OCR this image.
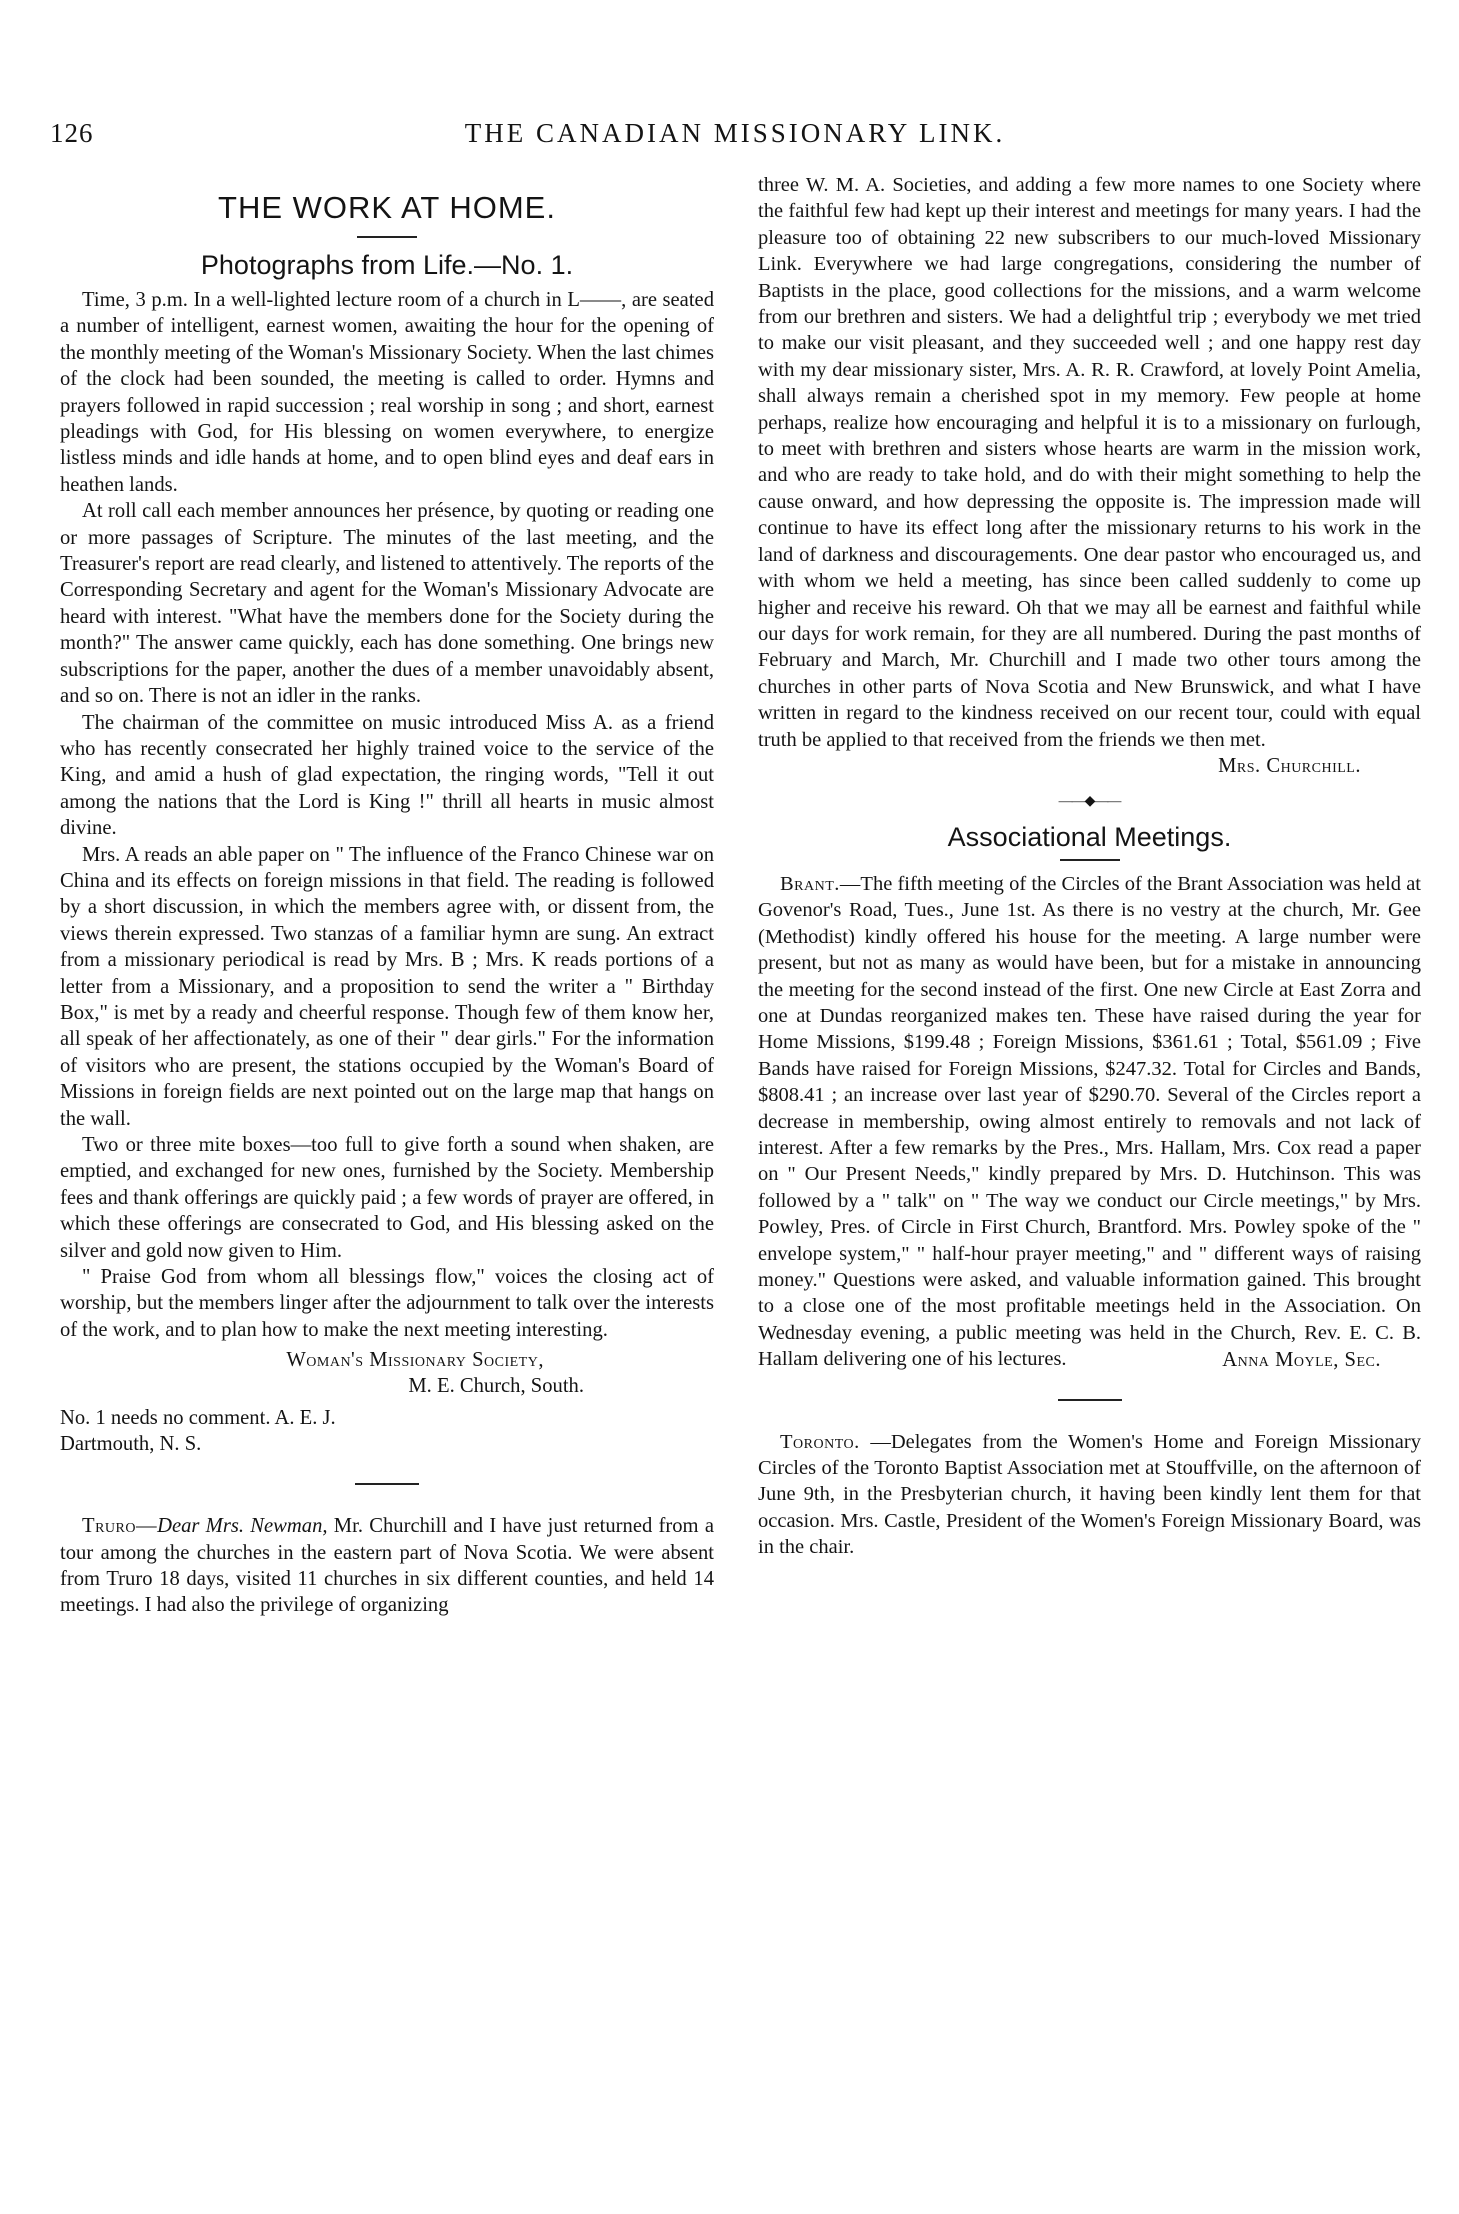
126	THE CANADIAN MISSIONARY LINK.
THE WORK AT HOME.
Photographs from Life.—No. 1.

Time, 3 p.m. In a well-lighted lecture room of a church in L——, are seated a number of intelligent, earnest women, awaiting the hour for the opening of the monthly meeting of the Woman's Missionary Society. When the last chimes of the clock had been sounded, the meeting is called to order. Hymns and prayers followed in rapid succession ; real worship in song ; and short, earnest pleadings with God, for His blessing on women everywhere, to energize listless minds and idle hands at home, and to open blind eyes and deaf ears in heathen lands.

At roll call each member announces her présence, by quoting or reading one or more passages of Scripture. The minutes of the last meeting, and the Treasurer's report are read clearly, and listened to attentively. The reports of the Corresponding Secretary and agent for the Woman's Missionary Advocate are heard with interest. "What have the members done for the Society during the month?" The answer came quickly, each has done something. One brings new subscriptions for the paper, another the dues of a member unavoidably absent, and so on. There is not an idler in the ranks.

The chairman of the committee on music introduced Miss A. as a friend who has recently consecrated her highly trained voice to the service of the King, and amid a hush of glad expectation, the ringing words, "Tell it out among the nations that the Lord is King !" thrill all hearts in music almost divine.

Mrs. A reads an able paper on " The influence of the Franco Chinese war on China and its effects on foreign missions in that field. The reading is followed by a short discussion, in which the members agree with, or dissent from, the views therein expressed. Two stanzas of a familiar hymn are sung. An extract from a missionary periodical is read by Mrs. B ; Mrs. K reads portions of a letter from a Missionary, and a proposition to send the writer a " Birthday Box," is met by a ready and cheerful response. Though few of them know her, all speak of her affectionately, as one of their " dear girls." For the information of visitors who are present, the stations occupied by the Woman's Board of Missions in foreign fields are next pointed out on the large map that hangs on the wall.

Two or three mite boxes—too full to give forth a sound when shaken, are emptied, and exchanged for new ones, furnished by the Society. Membership fees and thank offerings are quickly paid ; a few words of prayer are offered, in which these offerings are consecrated to God, and His blessing asked on the silver and gold now given to Him.

" Praise God from whom all blessings flow," voices the closing act of worship, but the members linger after the adjournment to talk over the interests of the work, and to plan how to make the next meeting interesting.

Woman's Missionary Society,
M. E. Church, South.
No. 1 needs no comment. A. E. J.
Dartmouth, N. S.

Truro—Dear Mrs. Newman, Mr. Churchill and I have just returned from a tour among the churches in the eastern part of Nova Scotia. We were absent from Truro 18 days, visited 11 churches in six different counties, and held 14 meetings. I had also the privilege of organizing

three W. M. A. Societies, and adding a few more names to one Society where the faithful few had kept up their interest and meetings for many years. I had the pleasure too of obtaining 22 new subscribers to our much-loved Missionary Link. Everywhere we had large congregations, considering the number of Baptists in the place, good collections for the missions, and a warm welcome from our brethren and sisters. We had a delightful trip ; everybody we met tried to make our visit pleasant, and they succeeded well ; and one happy rest day with my dear missionary sister, Mrs. A. R. R. Crawford, at lovely Point Amelia, shall always remain a cherished spot in my memory. Few people at home perhaps, realize how encouraging and helpful it is to a missionary on furlough, to meet with brethren and sisters whose hearts are warm in the mission work, and who are ready to take hold, and do with their might something to help the cause onward, and how depressing the opposite is. The impression made will continue to have its effect long after the missionary returns to his work in the land of darkness and discouragements. One dear pastor who encouraged us, and with whom we held a meeting, has since been called suddenly to come up higher and receive his reward. Oh that we may all be earnest and faithful while our days for work remain, for they are all numbered. During the past months of February and March, Mr. Churchill and I made two other tours among the churches in other parts of Nova Scotia and New Brunswick, and what I have written in regard to the kindness received on our recent tour, could with equal truth be applied to that received from the friends we then met.

Mrs. Churchill.
——◆——
Associational Meetings.

Brant.—The fifth meeting of the Circles of the Brant Association was held at Govenor's Road, Tues., June 1st. As there is no vestry at the church, Mr. Gee (Methodist) kindly offered his house for the meeting. A large number were present, but not as many as would have been, but for a mistake in announcing the meeting for the second instead of the first. One new Circle at East Zorra and one at Dundas reorganized makes ten. These have raised during the year for Home Missions, $199.48 ; Foreign Missions, $361.61 ; Total, $561.09 ; Five Bands have raised for Foreign Missions, $247.32. Total for Circles and Bands, $808.41 ; an increase over last year of $290.70. Several of the Circles report a decrease in membership, owing almost entirely to removals and not lack of interest. After a few remarks by the Pres., Mrs. Hallam, Mrs. Cox read a paper on " Our Present Needs," kindly prepared by Mrs. D. Hutchinson. This was followed by a " talk" on " The way we conduct our Circle meetings," by Mrs. Powley, Pres. of Circle in First Church, Brantford. Mrs. Powley spoke of the " envelope system," " half-hour prayer meeting," and " different ways of raising money." Questions were asked, and valuable information gained. This brought to a close one of the most profitable meetings held in the Association. On Wednesday evening, a public meeting was held in the Church, Rev. E. C. B. Hallam delivering one of his lectures.	Anna Moyle, Sec.

Toronto. —Delegates from the Women's Home and Foreign Missionary Circles of the Toronto Baptist Association met at Stouffville, on the afternoon of June 9th, in the Presbyterian church, it having been kindly lent them for that occasion. Mrs. Castle, President of the Women's Foreign Missionary Board, was in the chair.
